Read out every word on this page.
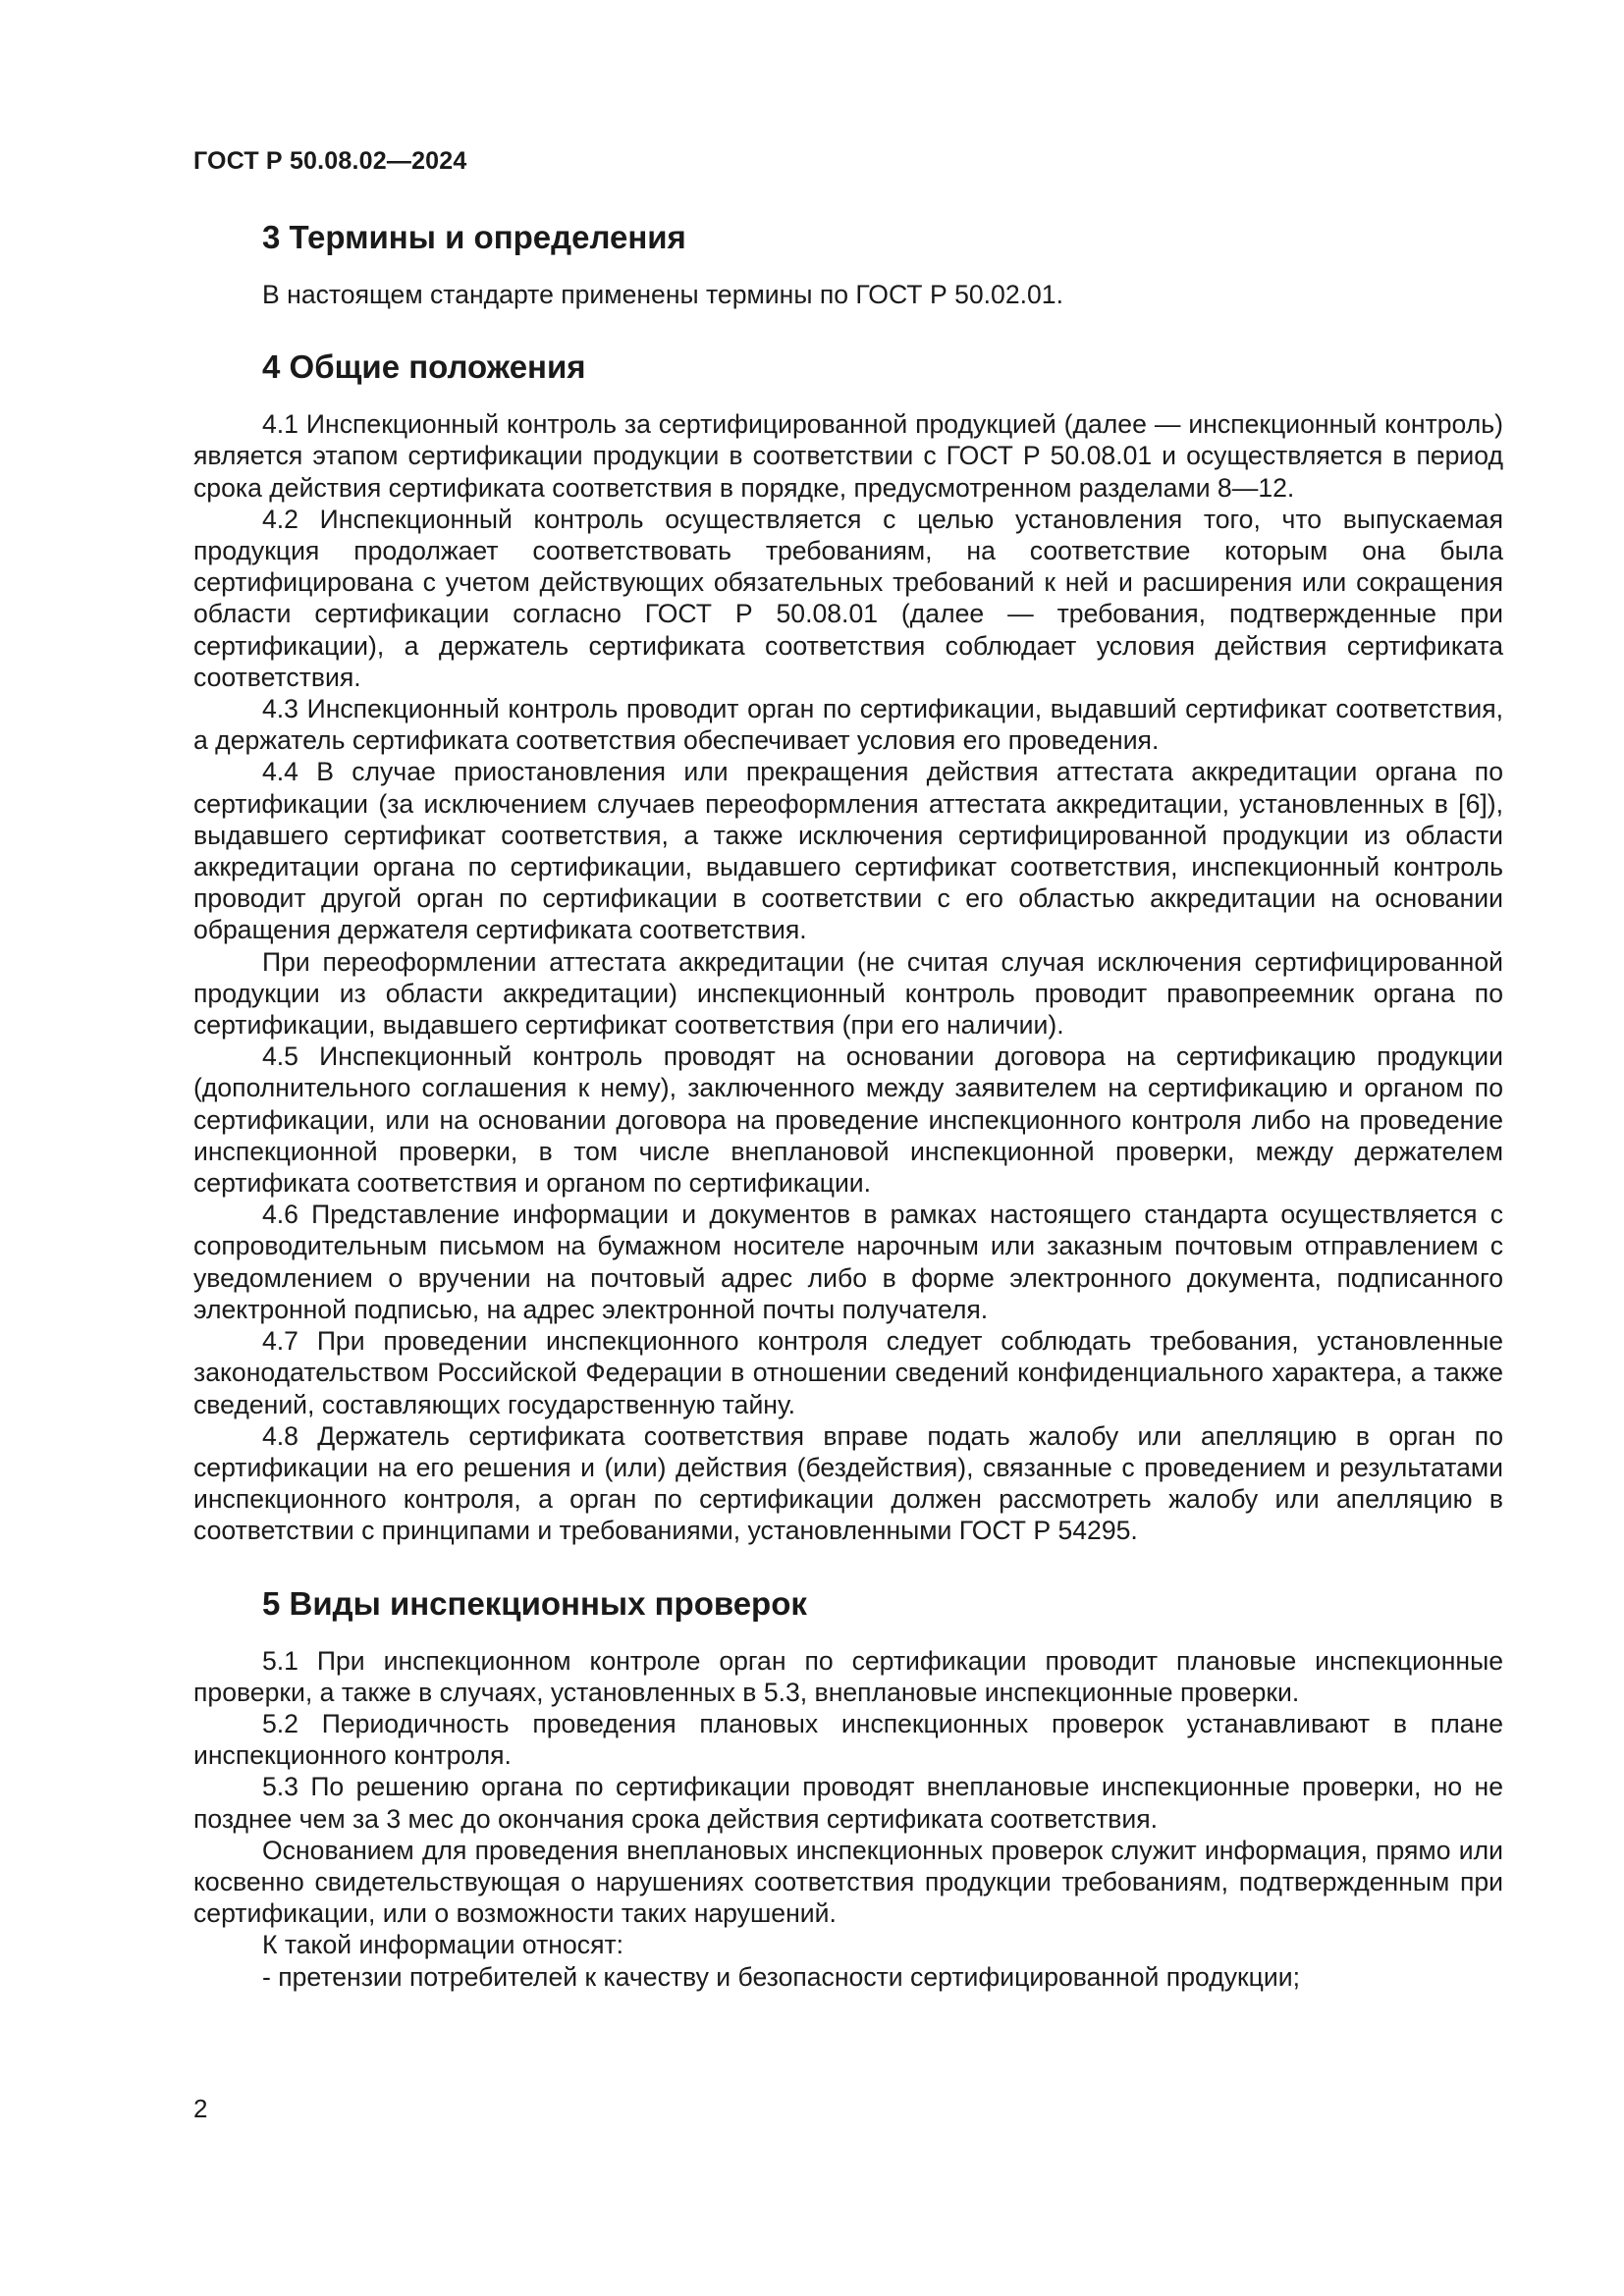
ГОСТ Р 50.08.02—2024
3 Термины и определения

В настоящем стандарте применены термины по ГОСТ Р 50.02.01.

4 Общие положения

4.1 Инспекционный контроль за сертифицированной продукцией (далее — инспекционный контроль) является этапом сертификации продукции в соответствии с ГОСТ Р 50.08.01 и осуществляется в период срока действия сертификата соответствия в порядке, предусмотренном разделами 8—12.

4.2 Инспекционный контроль осуществляется с целью установления того, что выпускаемая продукция продолжает соответствовать требованиям, на соответствие которым она была сертифицирована с учетом действующих обязательных требований к ней и расширения или сокращения области сертификации согласно ГОСТ Р 50.08.01 (далее — требования, подтвержденные при сертификации), а держатель сертификата соответствия соблюдает условия действия сертификата соответствия.

4.3 Инспекционный контроль проводит орган по сертификации, выдавший сертификат соответствия, а держатель сертификата соответствия обеспечивает условия его проведения.

4.4 В случае приостановления или прекращения действия аттестата аккредитации органа по сертификации (за исключением случаев переоформления аттестата аккредитации, установленных в [6]), выдавшего сертификат соответствия, а также исключения сертифицированной продукции из области аккредитации органа по сертификации, выдавшего сертификат соответствия, инспекционный контроль проводит другой орган по сертификации в соответствии с его областью аккредитации на основании обращения держателя сертификата соответствия.

При переоформлении аттестата аккредитации (не считая случая исключения сертифицированной продукции из области аккредитации) инспекционный контроль проводит правопреемник органа по сертификации, выдавшего сертификат соответствия (при его наличии).

4.5 Инспекционный контроль проводят на основании договора на сертификацию продукции (дополнительного соглашения к нему), заключенного между заявителем на сертификацию и органом по сертификации, или на основании договора на проведение инспекционного контроля либо на проведение инспекционной проверки, в том числе внеплановой инспекционной проверки, между держателем сертификата соответствия и органом по сертификации.

4.6 Представление информации и документов в рамках настоящего стандарта осуществляется с сопроводительным письмом на бумажном носителе нарочным или заказным почтовым отправлением с уведомлением о вручении на почтовый адрес либо в форме электронного документа, подписанного электронной подписью, на адрес электронной почты получателя.

4.7 При проведении инспекционного контроля следует соблюдать требования, установленные законодательством Российской Федерации в отношении сведений конфиденциального характера, а также сведений, составляющих государственную тайну.

4.8 Держатель сертификата соответствия вправе подать жалобу или апелляцию в орган по сертификации на его решения и (или) действия (бездействия), связанные с проведением и результатами инспекционного контроля, а орган по сертификации должен рассмотреть жалобу или апелляцию в соответствии с принципами и требованиями, установленными ГОСТ Р 54295.

5 Виды инспекционных проверок

5.1 При инспекционном контроле орган по сертификации проводит плановые инспекционные проверки, а также в случаях, установленных в 5.3, внеплановые инспекционные проверки.

5.2 Периодичность проведения плановых инспекционных проверок устанавливают в плане инспекционного контроля.

5.3 По решению органа по сертификации проводят внеплановые инспекционные проверки, но не позднее чем за 3 мес до окончания срока действия сертификата соответствия.

Основанием для проведения внеплановых инспекционных проверок служит информация, прямо или косвенно свидетельствующая о нарушениях соответствия продукции требованиям, подтвержденным при сертификации, или о возможности таких нарушений.

К такой информации относят:

- претензии потребителей к качеству и безопасности сертифицированной продукции;
2
